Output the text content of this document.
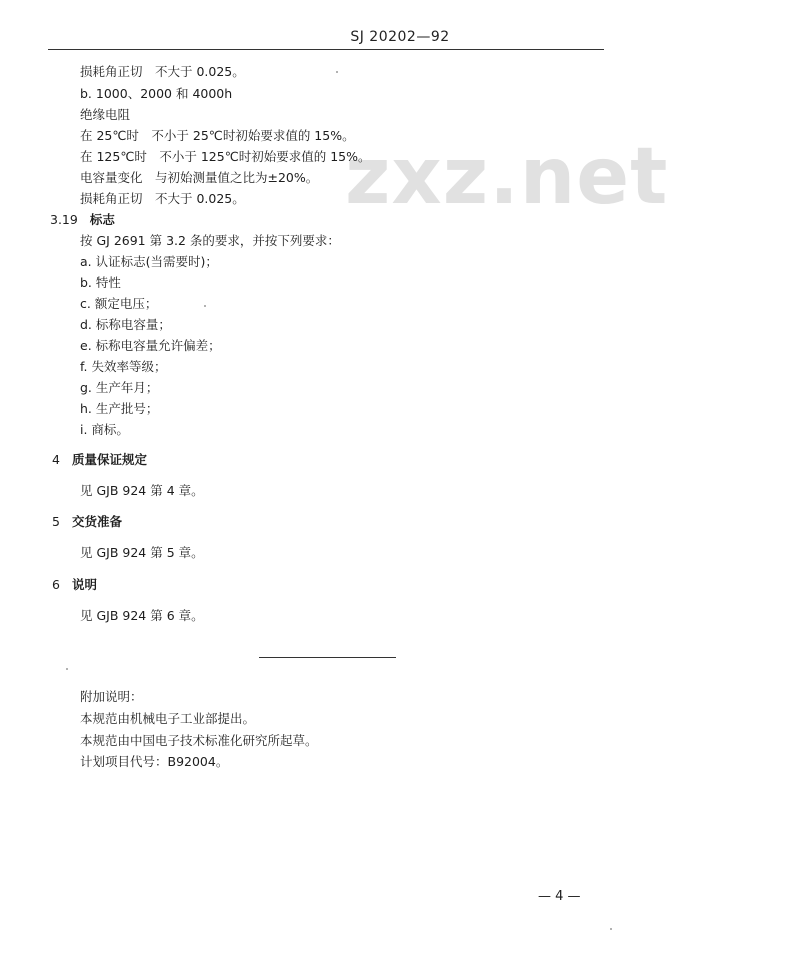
SJ 20202—92
zxz.net
损耗角正切　不大于 0.025。
b. 1000、2000 和 4000h
绝缘电阻
在 25℃时　不小于 25℃时初始要求值的 15%。
在 125℃时　不小于 125℃时初始要求值的 15%。
电容量变化　与初始测量值之比为±20%。
损耗角正切　不大于 0.025。
3.19 标志
按 GJ 2691 第 3.2 条的要求，并按下列要求：
a. 认证标志(当需要时)；
b. 特性
c. 额定电压；
d. 标称电容量；
e. 标称电容量允许偏差；
f. 失效率等级；
g. 生产年月；
h. 生产批号；
i. 商标。
4 质量保证规定
见 GJB 924 第 4 章。
5 交货准备
见 GJB 924 第 5 章。
6 说明
见 GJB 924 第 6 章。
附加说明：
本规范由机械电子工业部提出。
本规范由中国电子技术标准化研究所起草。
计划项目代号：B92004。
— 4 —
